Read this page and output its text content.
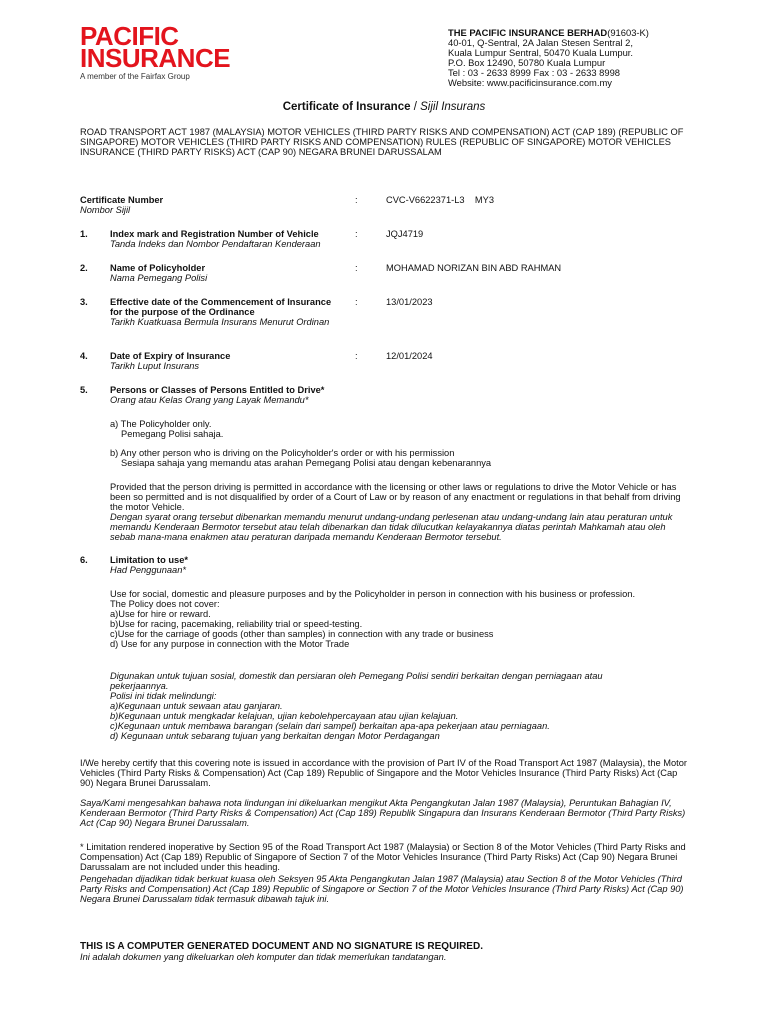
PACIFIC
INSURANCE
A member of the Fairfax Group
THE PACIFIC INSURANCE BERHAD(91603-K)
40-01, Q-Sentral, 2A Jalan Stesen Sentral 2,
Kuala Lumpur Sentral, 50470 Kuala Lumpur.
P.O. Box 12490, 50780 Kuala Lumpur
Tel : 03 - 2633 8999 Fax : 03 - 2633 8998
Website: www.pacificinsurance.com.my
Certificate of Insurance / Sijil Insurans
ROAD TRANSPORT ACT 1987 (MALAYSIA) MOTOR VEHICLES (THIRD PARTY RISKS AND COMPENSATION) ACT (CAP 189) (REPUBLIC OF SINGAPORE) MOTOR VEHICLES (THIRD PARTY RISKS AND COMPENSATION) RULES (REPUBLIC OF SINGAPORE) MOTOR VEHICLES INSURANCE (THIRD PARTY RISKS) ACT (CAP 90) NEGARA BRUNEI DARUSSALAM
Certificate Number
Nombor Sijil
:	CVC-V6622371-L3    MY3
1. Index mark and Registration Number of Vehicle
Tanda Indeks dan Nombor Pendaftaran Kenderaan
:	JQJ4719
2. Name of Policyholder
Nama Pemegang Polisi
:	MOHAMAD NORIZAN BIN ABD RAHMAN
3. Effective date of the Commencement of Insurance for the purpose of the Ordinance
Tarikh Kuatkuasa Bermula Insurans Menurut Ordinan
:	13/01/2023
4. Date of Expiry of Insurance
Tarikh Luput Insurans
:	12/01/2024
5. Persons or Classes of Persons Entitled to Drive*
Orang atau Kelas Orang yang Layak Memandu*
a) The Policyholder only.
Pemegang Polisi sahaja.
b) Any other person who is driving on the Policyholder's order or with his permission
Sesiapa sahaja yang memandu atas arahan Pemegang Polisi atau dengan kebenarannya
Provided that the person driving is permitted in accordance with the licensing or other laws or regulations to drive the Motor Vehicle or has been so permitted and is not disqualified by order of a Court of Law or by reason of any enactment or regulations in that behalf from driving the motor Vehicle.
Dengan syarat orang tersebut dibenarkan memandu menurut undang-undang perlesenan atau undang-undang lain atau peraturan untuk memandu Kenderaan Bermotor tersebut atau telah dibenarkan dan tidak dilucutkan kelayakannya diatas perintah Mahkamah atau oleh sebab mana-mana enakmen atau peraturan daripada memandu Kenderaan Bermotor tersebut.
6. Limitation to use*
Had Penggunaan*
Use for social, domestic and pleasure purposes and by the Policyholder in person in connection with his business or profession.
The Policy does not cover:
a)Use for hire or reward.
b)Use for racing, pacemaking, reliability trial or speed-testing.
c)Use for the carriage of goods (other than samples) in connection with any trade or business
d) Use for any purpose in connection with the Motor Trade
Digunakan untuk tujuan sosial, domestik dan persiaran oleh Pemegang Polisi sendiri berkaitan dengan perniagaan atau pekerjaannya.
Polisi ini tidak melindungi:
a)Kegunaan untuk sewaan atau ganjaran.
b)Kegunaan untuk mengkadar kelajuan, ujian kebolehpercayaan atau ujian kelajuan.
c)Kegunaan untuk membawa barangan (selain dari sampel) berkaitan apa-apa pekerjaan atau perniagaan.
d) Kegunaan untuk sebarang tujuan yang berkaitan dengan Motor Perdagangan
I/We hereby certify that this covering note is issued in accordance with the provision of Part IV of the Road Transport Act 1987 (Malaysia), the Motor Vehicles (Third Party Risks & Compensation) Act (Cap 189) Republic of Singapore and the Motor Vehicles Insurance (Third Party Risks) Act (Cap 90) Negara Brunei Darussalam.
Saya/Kami mengesahkan bahawa nota lindungan ini dikeluarkan mengikut Akta Pengangkutan Jalan 1987 (Malaysia), Peruntukan Bahagian IV, Kenderaan Bermotor (Third Party Risks & Compensation) Act (Cap 189) Republik Singapura dan Insurans Kenderaan Bermotor (Third Party Risks) Act (Cap 90) Negara Brunei Darussalam.
* Limitation rendered inoperative by Section 95 of the Road Transport Act 1987 (Malaysia) or Section 8 of the Motor Vehicles (Third Party Risks and Compensation) Act (Cap 189) Republic of Singapore of Section 7 of the Motor Vehicles Insurance (Third Party Risks) Act (Cap 90) Negara Brunei Darussalam are not included under this heading.
Pengehadan dijadikan tidak berkuat kuasa oleh Seksyen 95 Akta Pengangkutan Jalan 1987 (Malaysia) atau Section 8 of the Motor Vehicles (Third Party Risks and Compensation) Act (Cap 189) Republic of Singapore or Section 7 of the Motor Vehicles Insurance (Third Party Risks) Act (Cap 90) Negara Brunei Darussalam tidak termasuk dibawah tajuk ini.
THIS IS A COMPUTER GENERATED DOCUMENT AND NO SIGNATURE IS REQUIRED.
Ini adalah dokumen yang dikeluarkan oleh komputer dan tidak memerlukan tandatangan.
